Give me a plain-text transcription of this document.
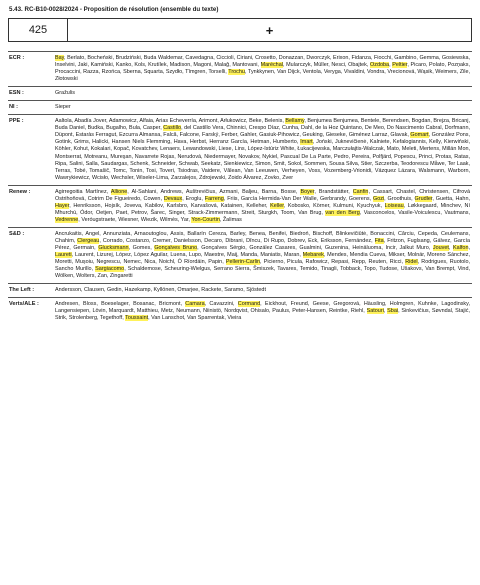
5.43. RC-B10-0028/2024 - Proposition de résolution (ensemble du texte)
425	+
ECR :	Bay, Berlato, Bocheński, Brudziński, Buda Waldemar, Cavedagna, Ciccioli, Ciriani, Crosetto, Donazzan, Dworczyk, Erixon, Fidanza, Fiocchi, Gambino, Gemma, Gosiewska, Inselvini, Jaki, Kamiński, Kanko, Kols, Krutílek, Madison, Magoni, Malağ, Mantovani, Maréchal, Mularczyk, Müller, Nesci, Obajtek, Ozdoba, Peltier, Picaro, Polato, Pozņaks, Procaccini, Razza, Rzońca, Sberna, Squarta, Szydło, Tîmgren, Torselli, Trochu, Tynkkynen, Van Dijck, Ventola, Veryga, Vivaldini, Vondra, Vrecionová, Wąsik, Weimers, Zile, Złotowski
ESN :	Gražulis
NI :	Sieper
PPE :	Aaltola, Abadía Jover, Adamowicz, Alfaia, Arias Echeverría, Arimont, Arłukowicz, Beke, Belenis, Bellamy, Benjumea Benjumea, Bentele, Berendsen, Bogdan, Brejza, Bricanj, Buda Daniel, Budka, Bugalho, Bula, Casper, Castillo, del Castillo Vera, Chinnici, Crespo Díaz, Cunha, Dahl, de la Hoz Quintano, De Meo, Do Nascimento Cabral, Dorfmann, Düpont, Estaràs Ferragut, Ezcurra Almansa, Falcă, Falcone, Farský, Ferber, Gahler, Gasiuk-Pihowicz, Geuking, Gieseke, Giménez Larraz, Glavak, Gomart, González Pons, Gotink, Grims, Halicki, Hansen Niels Flemming, Hava, Herbst, Herranz García, Hetman, Humberto, Imart, Joński, Juknevičienė, Kalniete, Kefalogiannis, Kelly, Kierwiński, Köhler, Kohut, Kokalari, Kopač, Kovatchev, Lenaers, Lewandowski, Liese, Lins, López-Istúriz White, Łukacijewska, Marczułajtis-Walczak, Mato, Meleti, Mertens, Millán Mon, Montserrat, Motreanu, Mureşan, Navarrete Rojas, Nerudová, Niedermayer, Novakov, Nykiel, Pascual De La Parte, Pedro, Pereira, Polfjärd, Popescu, Princi, Protas, Ratas, Ripa, Salini, Salla, Saudargas, Schenk, Schneider, Schwab, Seekatz, Sienkiewicz, Simon, Smit, Sokol, Sommen, Sousa Silva, Stier, Szczerba, Teodorescu Måwe, Ter Laak, Terras, Tobé, Tomašič, Tomc, Tonin, Tosi, Toveri, Tsiodras, Vaidere, Vălean, Van Leeuwen, Verheyen, Voss, Vozemberg-Vrionidi, Vázquez Lázara, Walsmann, Warborn, Wawrykiewicz, Wcisło, Wechsler, Wiseler-Lima, Zarzalejos, Zdrojewski, Zoido Álvarez, Zovko, Zver
Renew :	Agirregoitia Martínez, Allione, Al-Sahlani, Andrews, Auštrevičius, Azmani, Baljeu, Barna, Bosse, Boyer, Brandstätter, Canfin, Cassart, Chastel, Christensen, Cifrová Ostrihoňová, Cotrim De Figueiredo, Cowen, Devaux, Eroglu, Farreng, Friis, García Hermida-Van Der Walle, Gerbrandy, Goerens, Gozi, Groothuis, Grudler, Guetta, Hahn, Hayer, Henriksson, Hojsík, Joveva, Kabilov, Karlsbro, Karvašová, Katainen, Kelleher, Keller, Kobosko, Körner, Kulmuni, Kyuchyuk, Loiseau, Løkkegaard, Minchev, Ní Mhurchú, Ódor, Oetjen, Paet, Petrov, Šarec, Singer, Strack-Zimmermann, Streit, Sturgkh, Toom, Van Brug, van den Berg, Vasconcelos, Vasile-Voiculescu, Vautmans, Vedrenne, Veróugstraete, Wiesner, Wiezik, Wilmès, Yar, Yon-Courtin, Žalimas
S&D :	Ancrukaitis, Angel, Annunziata, Arnaoutoglou, Assis, Ballarín Cereza, Barley, Benea, Benifei, Biedroń, Bischoff, Blinkevičiūtė, Bonaccini, Cărciu, Cepeda, Ceulemans, Chahim, Clergeau, Corrado, Costanzo, Cremer, Danielsson, Decaro, Dibrani, Dîncu, Di Rupo, Dobrev, Eck, Eriksson, Fernández, Fita, Fritzon, Fuglsang, Gálvez, García Pérez, Germain, Glucksmann, Gomes, Gonçalves Bruno, Gonçalves Sérgio, González Casares, Gualmini, Guzenina, Heinäluoma, Incir, Jalkut Muro, Jouvet, Kalfon, Laureti, Laurent, Lizurej, López, López Aguilar, Luena, Lupo, Maestre, Maij, Manda, Maniatis, Maran, Mebarek, Mendes, Mendia Cueva, Mikser, Molnár, Moreno Sánchez, Moretti, Mușoiu, Negrescu, Nemec, Nica, Noichl, Ó Ríordáin, Papin, Pellerin-Carlin, Picierno, Picula, Rafowicz, Repasi, Repp, Reuten, Ricci, Ridel, Rodrigues, Ruotolo, Sancho Murillo, Sargiacomo, Schaldemose, Scheuring-Wielgus, Serrano Sierra, Šmiszek, Tavares, Temido, Tinagli, Tobback, Topo, Tudose, Ušakovs, Van Brempt, Vind, Wölken, Wolters, Zan, Zingaretti
The Left :	Andersson, Clausen, Gedin, Hazekamp, Kyllönen, Omarjee, Rackete, Saramo, Sjöstedt
Verts/ALE :	Andresen, Bloss, Boeselager, Bosanac, Bricmont, Camara, Cavazzini, Cormand, Eickhout, Freund, Geese, Gregorová, Häusling, Holmgren, Kuhnke, Lagodinsky, Langensiepen, Lövin, Marquardt, Matthieu, Metz, Neumann, Niinistö, Nordqvist, Ohisalo, Paulus, Peter-Hansen, Reintke, Riehl, Satouri, Sbai, Sinkevičius, Søvndal, Stajić, Strik, Strolenberg, Tegethoff, Toussaint, Van Lanschot, Van Sparrentak, Vieira
